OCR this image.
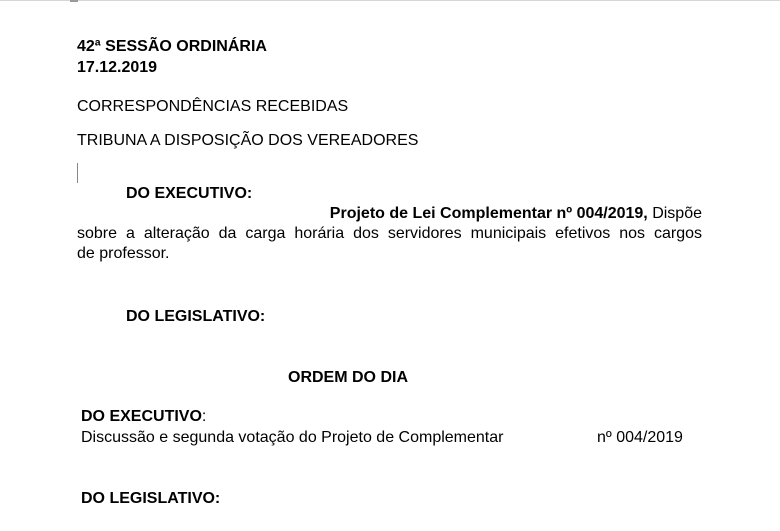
42ª SESSÃO ORDINÁRIA
17.12.2019
CORRESPONDÊNCIAS RECEBIDAS
TRIBUNA A DISPOSIÇÃO DOS VEREADORES
DO EXECUTIVO:
Projeto de Lei Complementar nº 004/2019, Dispõe
sobre a alteração da carga horária dos servidores municipais efetivos nos cargos
de professor.
DO LEGISLATIVO:
ORDEM DO DIA
DO EXECUTIVO:
Discussão e segunda votação do Projeto de Complementar	nº 004/2019
DO LEGISLATIVO:
